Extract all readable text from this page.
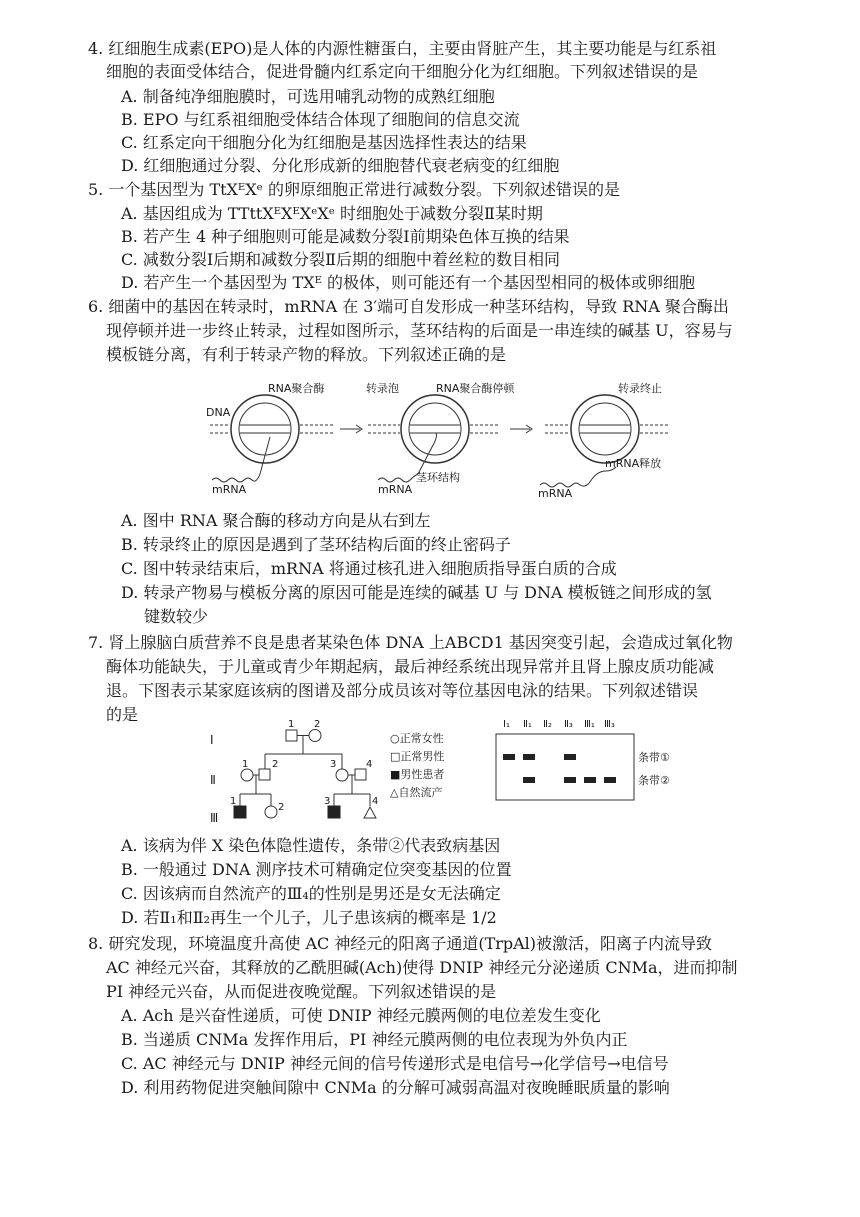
4. 红细胞生成素(EPO)是人体的内源性糖蛋白，主要由肾脏产生，其主要功能是与红系祖
细胞的表面受体结合，促进骨髓内红系定向干细胞分化为红细胞。下列叙述错误的是
A. 制备纯净细胞膜时，可选用哺乳动物的成熟红细胞
B. EPO 与红系祖细胞受体结合体现了细胞间的信息交流
C. 红系定向干细胞分化为红细胞是基因选择性表达的结果
D. 红细胞通过分裂、分化形成新的细胞替代衰老病变的红细胞
5. 一个基因型为 TtXᴱXᵉ 的卵原细胞正常进行减数分裂。下列叙述错误的是
A. 基因组成为 TTttXᴱXᴱXᵉXᵉ 时细胞处于减数分裂Ⅱ某时期
B. 若产生 4 种子细胞则可能是减数分裂Ⅰ前期染色体互换的结果
C. 减数分裂Ⅰ后期和减数分裂Ⅱ后期的细胞中着丝粒的数目相同
D. 若产生一个基因型为 TXᴱ 的极体，则可能还有一个基因型相同的极体或卵细胞
6. 细菌中的基因在转录时，mRNA 在 3′端可自发形成一种茎环结构，导致 RNA 聚合酶出
现停顿并进一步终止转录，过程如图所示，茎环结构的后面是一串连续的碱基 U，容易与
模板链分离，有利于转录产物的释放。下列叙述正确的是
DNA
RNA聚合酶
mRNA
转录泡	RNA聚合酶停顿
mRNA
茎环结构
转录终止
mRNA释放
mRNA
A. 图中 RNA 聚合酶的移动方向是从右到左
B. 转录终止的原因是遇到了茎环结构后面的终止密码子
C. 图中转录结束后，mRNA 将通过核孔进入细胞质指导蛋白质的合成
D. 转录产物易与模板分离的原因可能是连续的碱基 U 与 DNA 模板链之间形成的氢
键数较少
7. 肾上腺脑白质营养不良是患者某染色体 DNA 上ABCD1 基因突变引起，会造成过氧化物
酶体功能缺失，于儿童或青少年期起病，最后神经系统出现异常并且肾上腺皮质功能减
退。下图表示某家庭该病的图谱及部分成员该对等位基因电泳的结果。下列叙述错误
的是
Ⅰ
Ⅱ
Ⅲ
1 2
1 2	3	4
1
2
3	4
○正常女性
□正常男性
■男性患者
△自然流产
Ⅰ₁ Ⅱ₁ Ⅱ₂ Ⅱ₃ Ⅲ₁ Ⅲ₃
条带①
条带②
A. 该病为伴 X 染色体隐性遗传，条带②代表致病基因
B. 一般通过 DNA 测序技术可精确定位突变基因的位置
C. 因该病而自然流产的Ⅲ₄的性别是男还是女无法确定
D. 若Ⅱ₁和Ⅱ₂再生一个儿子，儿子患该病的概率是 1/2
8. 研究发现，环境温度升高使 AC 神经元的阳离子通道(TrpAl)被激活，阳离子内流导致
AC 神经元兴奋，其释放的乙酰胆碱(Ach)使得 DNIP 神经元分泌递质 CNMa，进而抑制
PI 神经元兴奋，从而促进夜晚觉醒。下列叙述错误的是
A. Ach 是兴奋性递质，可使 DNIP 神经元膜两侧的电位差发生变化
B. 当递质 CNMa 发挥作用后，PI 神经元膜两侧的电位表现为外负内正
C. AC 神经元与 DNIP 神经元间的信号传递形式是电信号→化学信号→电信号
D. 利用药物促进突触间隙中 CNMa 的分解可减弱高温对夜晚睡眠质量的影响
